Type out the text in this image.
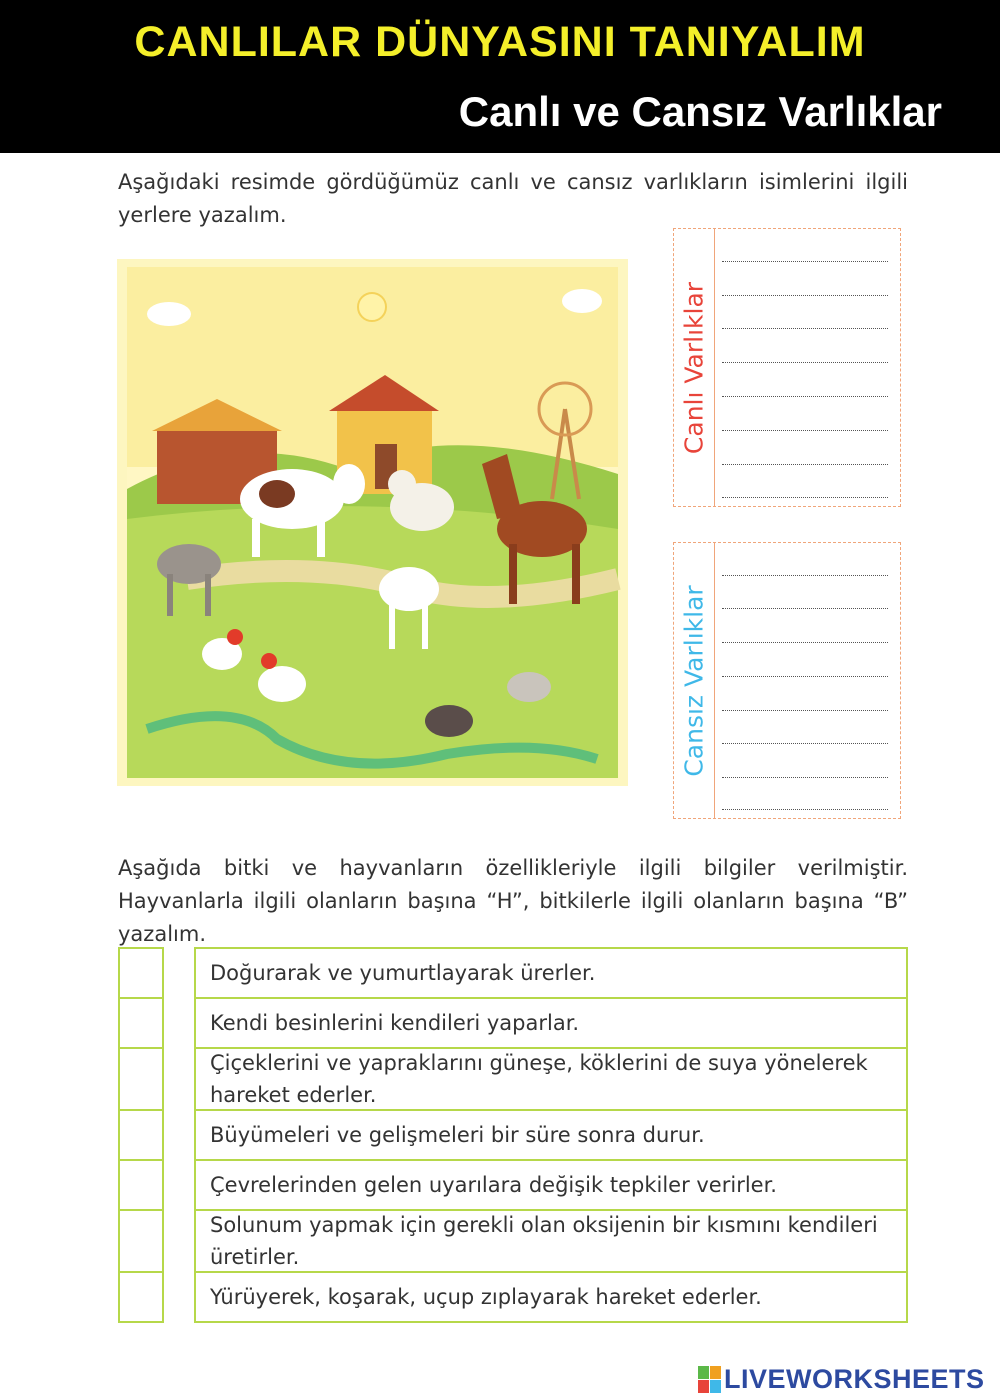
CANLILAR DÜNYASINI TANIYALIM
Canlı ve Cansız Varlıklar
Aşağıdaki resimde gördüğümüz canlı ve cansız varlıkların isimlerini ilgili yerlere yazalım.
Canlı Varlıklar
Cansız Varlıklar
Aşağıda bitki ve hayvanların özellikleriyle ilgili bilgiler verilmiştir. Hayvanlarla ilgili olanların başına “H”, bitkilerle ilgili olanların başına “B” yazalım.
Doğurarak ve yumurtlayarak ürerler.
Kendi besinlerini kendileri yaparlar.
Çiçeklerini ve yapraklarını güneşe, köklerini de suya yönelerek hareket ederler.
Büyümeleri ve gelişmeleri bir süre sonra durur.
Çevrelerinden gelen uyarılara değişik tepkiler verirler.
Solunum yapmak için gerekli olan oksijenin bir kısmını kendileri üretirler.
Yürüyerek, koşarak, uçup zıplayarak hareket ederler.
LIVEWORKSHEETS
